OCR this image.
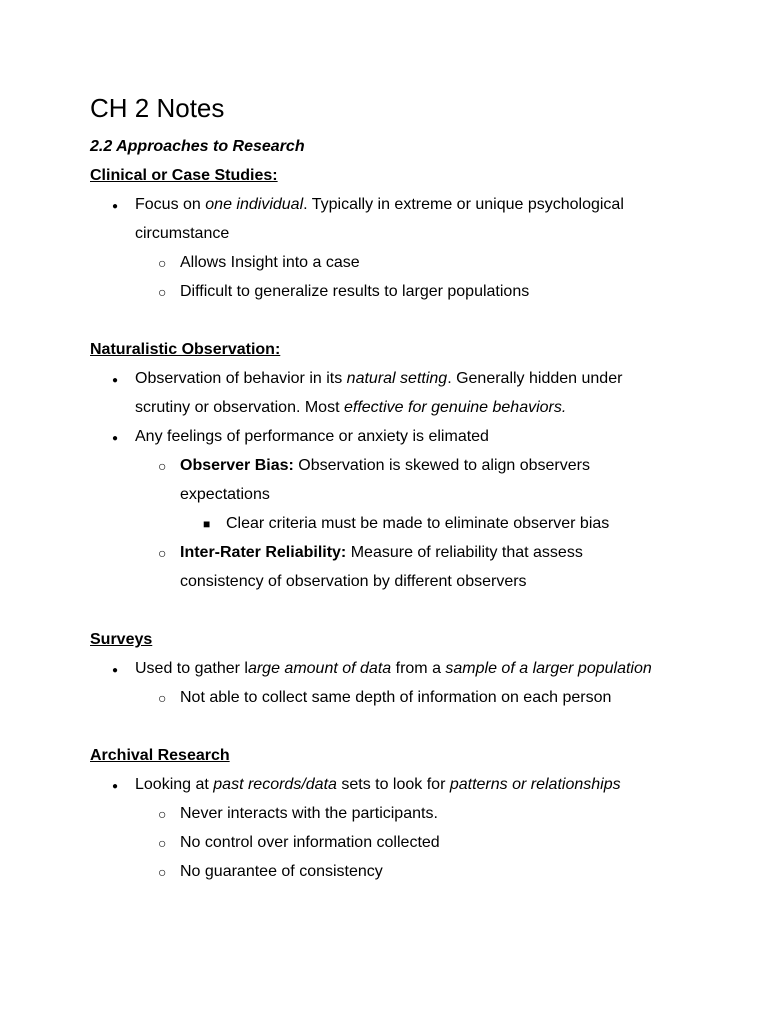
CH 2 Notes
2.2 Approaches to Research
Clinical or Case Studies:
●
Focus on one individual. Typically in extreme or unique psychological
circumstance
○
Allows Insight into a case
○
Difficult to generalize results to larger populations
Naturalistic Observation:
●
Observation of behavior in its natural setting. Generally hidden under
scrutiny or observation. Most effective for genuine behaviors.
●
Any feelings of performance or anxiety is elimated
○
Observer Bias: Observation is skewed to align observers
expectations
■
Clear criteria must be made to eliminate observer bias
○
Inter-Rater Reliability: Measure of reliability that assess
consistency of observation by different observers
Surveys
●
Used to gather large amount of data from a sample of a larger population
○
Not able to collect same depth of information on each person
Archival Research
●
Looking at past records/data sets to look for patterns or relationships
○
Never interacts with the participants.
○
No control over information collected
○
No guarantee of consistency
